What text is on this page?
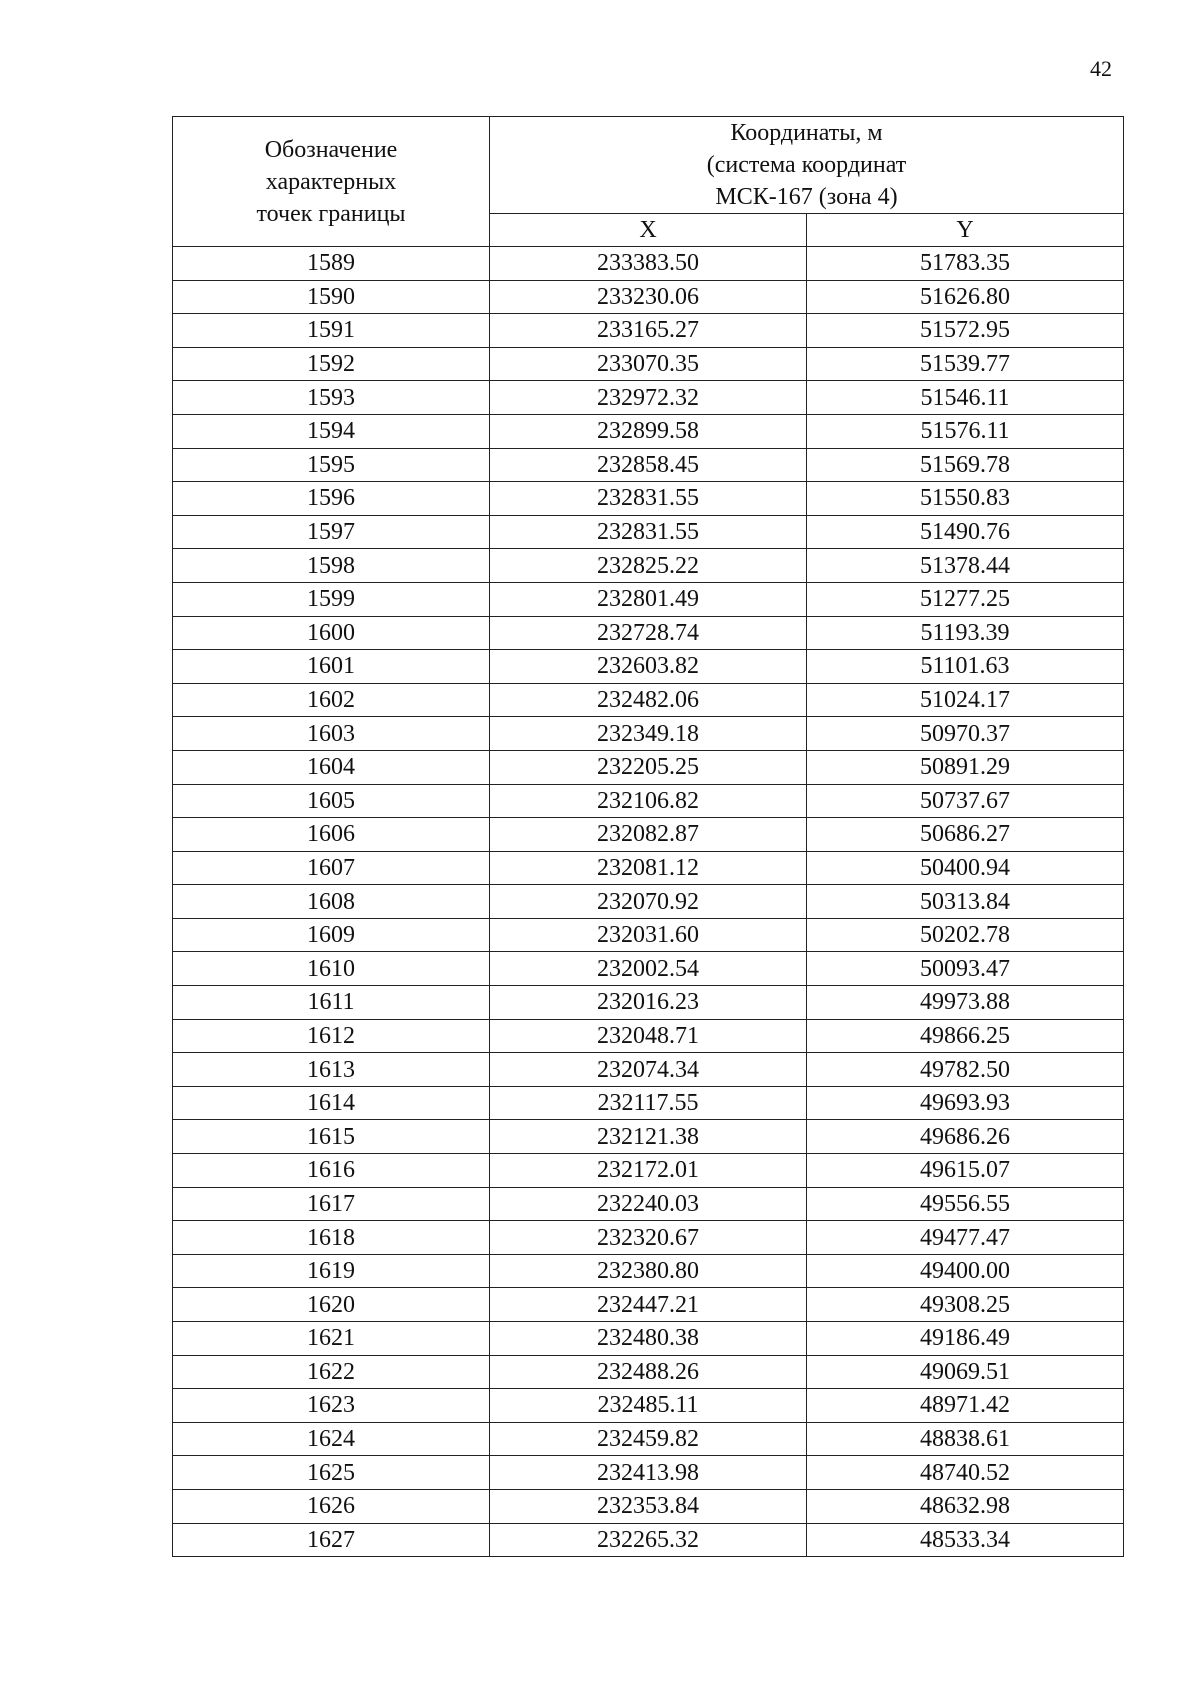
42
Обозначение
характерных
точек границы	Координаты, м
(система координат
МСК-167 (зона 4)	
	X	Y
1589	233383.50	51783.35
1590	233230.06	51626.80
1591	233165.27	51572.95
1592	233070.35	51539.77
1593	232972.32	51546.11
1594	232899.58	51576.11
1595	232858.45	51569.78
1596	232831.55	51550.83
1597	232831.55	51490.76
1598	232825.22	51378.44
1599	232801.49	51277.25
1600	232728.74	51193.39
1601	232603.82	51101.63
1602	232482.06	51024.17
1603	232349.18	50970.37
1604	232205.25	50891.29
1605	232106.82	50737.67
1606	232082.87	50686.27
1607	232081.12	50400.94
1608	232070.92	50313.84
1609	232031.60	50202.78
1610	232002.54	50093.47
1611	232016.23	49973.88
1612	232048.71	49866.25
1613	232074.34	49782.50
1614	232117.55	49693.93
1615	232121.38	49686.26
1616	232172.01	49615.07
1617	232240.03	49556.55
1618	232320.67	49477.47
1619	232380.80	49400.00
1620	232447.21	49308.25
1621	232480.38	49186.49
1622	232488.26	49069.51
1623	232485.11	48971.42
1624	232459.82	48838.61
1625	232413.98	48740.52
1626	232353.84	48632.98
1627	232265.32	48533.34
